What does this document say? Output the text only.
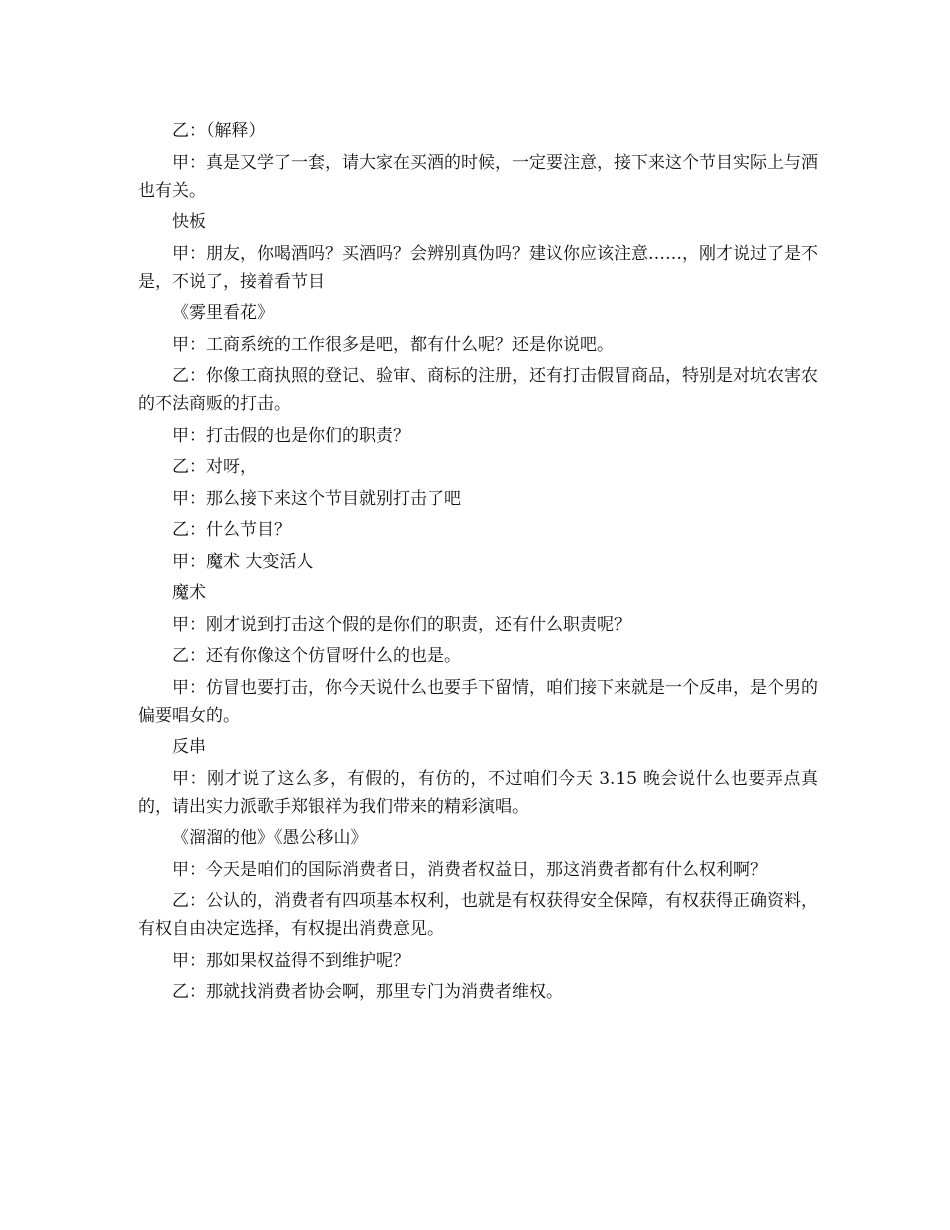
乙：（解释）

甲：真是又学了一套，请大家在买酒的时候，一定要注意，接下来这个节目实际上与酒也有关。

快板

甲：朋友，你喝酒吗？买酒吗？会辨别真伪吗？建议你应该注意……，刚才说过了是不是，不说了，接着看节目

《雾里看花》

甲：工商系统的工作很多是吧，都有什么呢？还是你说吧。

乙：你像工商执照的登记、验审、商标的注册，还有打击假冒商品，特别是对坑农害农的不法商贩的打击。

甲：打击假的也是你们的职责？

乙：对呀，

甲：那么接下来这个节目就别打击了吧

乙：什么节目？

甲：魔术 大变活人

魔术

甲：刚才说到打击这个假的是你们的职责，还有什么职责呢？

乙：还有你像这个仿冒呀什么的也是。

甲：仿冒也要打击，你今天说什么也要手下留情，咱们接下来就是一个反串，是个男的偏要唱女的。

反串

甲：刚才说了这么多，有假的，有仿的，不过咱们今天 3.15 晚会说什么也要弄点真的，请出实力派歌手郑银祥为我们带来的精彩演唱。

《溜溜的他》《愚公移山》

甲：今天是咱们的国际消费者日，消费者权益日，那这消费者都有什么权利啊？

乙：公认的，消费者有四项基本权利，也就是有权获得安全保障，有权获得正确资料，有权自由决定选择，有权提出消费意见。

甲：那如果权益得不到维护呢？

乙：那就找消费者协会啊，那里专门为消费者维权。
